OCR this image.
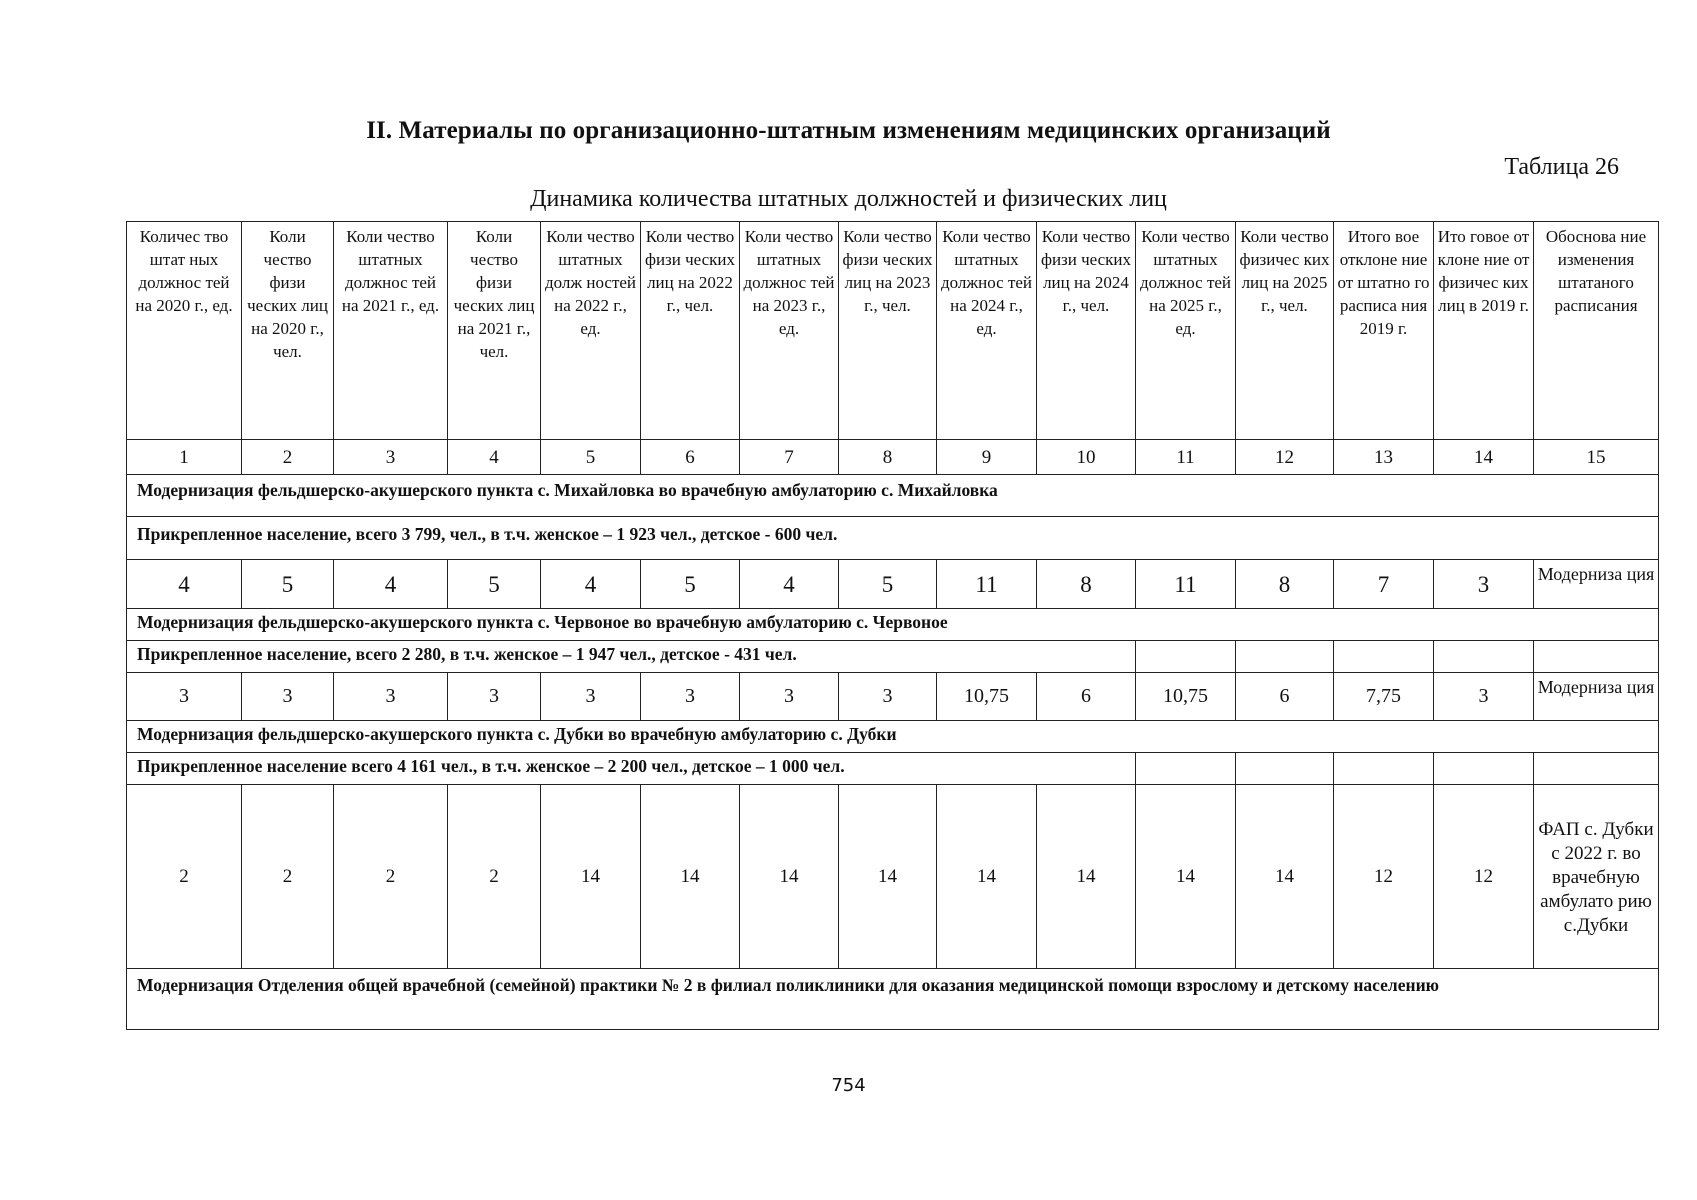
II. Материалы по организационно-штатным изменениям медицинских организаций
Таблица 26
Динамика количества штатных должностей и физических лиц
Количес тво штат ных должнос тей на 2020 г., ед.	Коли чество физи ческих лиц на 2020 г., чел.	Коли чество штатных должнос тей на 2021 г., ед.	Коли чество физи ческих лиц на 2021 г., чел.	Коли чество штатных долж ностей на 2022 г., ед.	Коли чество физи ческих лиц на 2022 г., чел.	Коли чество штатных должнос тей на 2023 г., ед.	Коли чество физи ческих лиц на 2023 г., чел.	Коли чество штатных должнос тей на 2024 г., ед.	Коли чество физи ческих лиц на 2024 г., чел.	Коли чество штатных должнос тей на 2025 г., ед.	Коли чество физичес ких лиц на 2025 г., чел.	Итого вое отклоне ние от штатно го расписа ния 2019 г.	Ито говое от клоне ние от физичес ких лиц в 2019 г.	Обоснова ние изменения штатаного расписания
1	2	3	4	5	6	7	8	9	10	11	12	13	14	15
Модернизация фельдшерско-акушерского пункта с. Михайловка во врачебную амбулаторию с. Михайловка														
Прикрепленное население, всего 3 799, чел., в т.ч. женское – 1 923 чел., детское - 600 чел.														
4	5	4	5	4	5	4	5	11	8	11	8	7	3	Модерниза ция
Модернизация фельдшерско-акушерского пункта с. Червоное во врачебную амбулаторию с. Червоное														
Прикрепленное население, всего 2 280, в т.ч. женское – 1 947 чел., детское - 431 чел.														
3	3	3	3	3	3	3	3	10,75	6	10,75	6	7,75	3	Модерниза ция
Модернизация фельдшерско-акушерского пункта с. Дубки во врачебную амбулаторию с. Дубки														
Прикрепленное население всего 4 161 чел., в т.ч. женское – 2 200 чел., детское – 1 000 чел.														
2	2	2	2	14	14	14	14	14	14	14	14	12	12	ФАП с. Дубки с 2022 г. во врачебную амбулато рию с.Дубки
Модернизация Отделения общей врачебной (семейной) практики № 2 в филиал поликлиники для оказания медицинской помощи взрослому и детскому населению														
754
